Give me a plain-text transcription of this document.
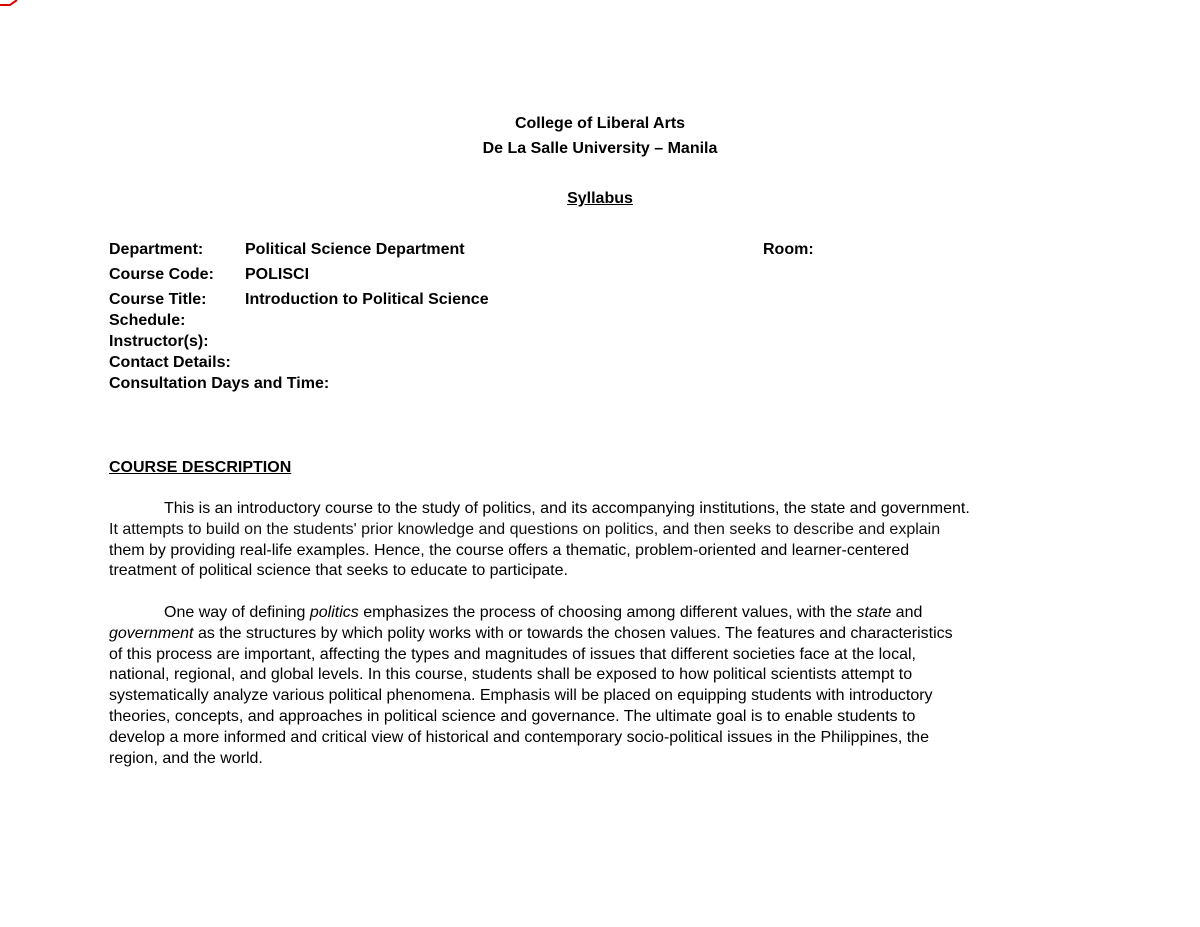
College of Liberal Arts
De La Salle University – Manila
Syllabus
Department:	Political Science Department	Room:
Course Code: POLISCI
Course Title: Introduction to Political Science
Schedule:
Instructor(s):
Contact Details:
Consultation Days and Time:
COURSE DESCRIPTION
This is an introductory course to the study of politics, and its accompanying institutions, the state and government.
It attempts to build on the students' prior knowledge and questions on politics, and then seeks to describe and explain
them by providing real-life examples. Hence, the course offers a thematic, problem-oriented and learner-centered
treatment of political science that seeks to educate to participate.
One way of defining politics emphasizes the process of choosing among different values, with the state and
government as the structures by which polity works with or towards the chosen values. The features and characteristics
of this process are important, affecting the types and magnitudes of issues that different societies face at the local,
national, regional, and global levels. In this course, students shall be exposed to how political scientists attempt to
systematically analyze various political phenomena. Emphasis will be placed on equipping students with introductory
theories, concepts, and approaches in political science and governance. The ultimate goal is to enable students to
develop a more informed and critical view of historical and contemporary socio-political issues in the Philippines, the
region, and the world.
